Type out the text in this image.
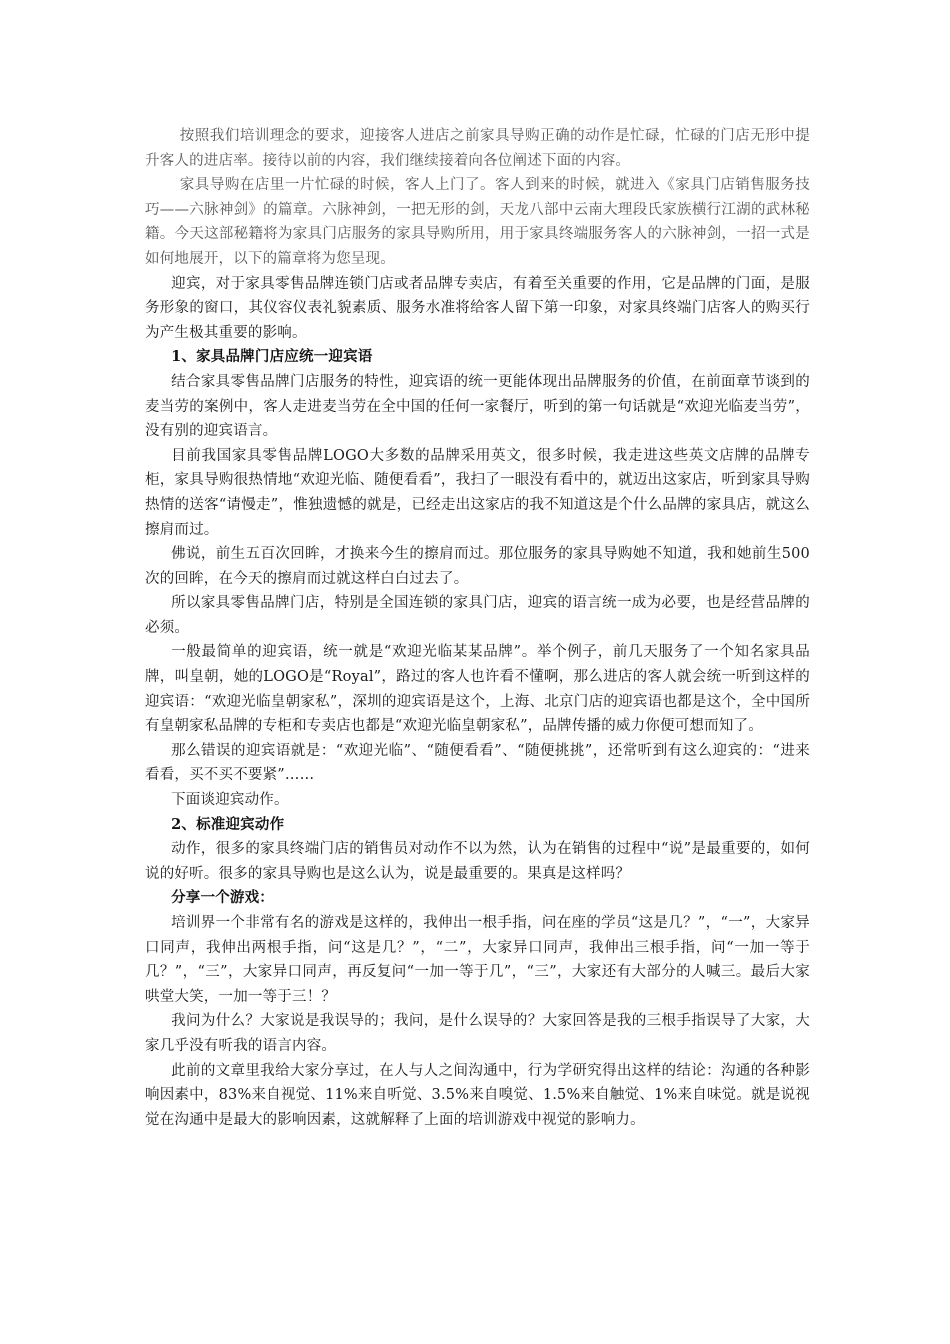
按照我们培训理念的要求，迎接客人进店之前家具导购正确的动作是忙碌，忙碌的门店无形中提升客人的进店率。接待以前的内容，我们继续接着向各位阐述下面的内容。

家具导购在店里一片忙碌的时候，客人上门了。客人到来的时候，就进入《家具门店销售服务技巧——六脉神剑》的篇章。六脉神剑，一把无形的剑，天龙八部中云南大理段氏家族横行江湖的武林秘籍。今天这部秘籍将为家具门店服务的家具导购所用，用于家具终端服务客人的六脉神剑，一招一式是如何地展开，以下的篇章将为您呈现。

迎宾，对于家具零售品牌连锁门店或者品牌专卖店，有着至关重要的作用，它是品牌的门面，是服务形象的窗口，其仪容仪表礼貌素质、服务水准将给客人留下第一印象，对家具终端门店客人的购买行为产生极其重要的影响。

1、家具品牌门店应统一迎宾语

结合家具零售品牌门店服务的特性，迎宾语的统一更能体现出品牌服务的价值，在前面章节谈到的麦当劳的案例中，客人走进麦当劳在全中国的任何一家餐厅，听到的第一句话就是“欢迎光临麦当劳”，没有别的迎宾语言。

目前我国家具零售品牌LOGO大多数的品牌采用英文，很多时候，我走进这些英文店牌的品牌专柜，家具导购很热情地“欢迎光临、随便看看”，我扫了一眼没有看中的，就迈出这家店，听到家具导购热情的送客“请慢走”，惟独遗憾的就是，已经走出这家店的我不知道这是个什么品牌的家具店，就这么擦肩而过。

佛说，前生五百次回眸，才换来今生的擦肩而过。那位服务的家具导购她不知道，我和她前生500次的回眸，在今天的擦肩而过就这样白白过去了。

所以家具零售品牌门店，特别是全国连锁的家具门店，迎宾的语言统一成为必要，也是经营品牌的必须。

一般最简单的迎宾语，统一就是“欢迎光临某某品牌”。举个例子，前几天服务了一个知名家具品牌，叫皇朝，她的LOGO是“Royal”，路过的客人也许看不懂啊，那么进店的客人就会统一听到这样的迎宾语：“欢迎光临皇朝家私”，深圳的迎宾语是这个，上海、北京门店的迎宾语也都是这个，全中国所有皇朝家私品牌的专柜和专卖店也都是“欢迎光临皇朝家私”，品牌传播的威力你便可想而知了。

那么错误的迎宾语就是：“欢迎光临”、“随便看看”、“随便挑挑”，还常听到有这么迎宾的：“进来看看，买不买不要紧”……

下面谈迎宾动作。

2、标准迎宾动作

动作，很多的家具终端门店的销售员对动作不以为然，认为在销售的过程中“说”是最重要的，如何说的好听。很多的家具导购也是这么认为，说是最重要的。果真是这样吗？

分享一个游戏：

培训界一个非常有名的游戏是这样的，我伸出一根手指，问在座的学员“这是几？”，“一”，大家异口同声，我伸出两根手指，问“这是几？”，“二”，大家异口同声，我伸出三根手指，问“一加一等于几？”，“三”，大家异口同声，再反复问“一加一等于几”，“三”，大家还有大部分的人喊三。最后大家哄堂大笑，一加一等于三！？

我问为什么？大家说是我误导的；我问，是什么误导的？大家回答是我的三根手指误导了大家，大家几乎没有听我的语言内容。

此前的文章里我给大家分享过，在人与人之间沟通中，行为学研究得出这样的结论：沟通的各种影响因素中，83%来自视觉、11%来自听觉、3.5%来自嗅觉、1.5%来自触觉、1%来自味觉。就是说视觉在沟通中是最大的影响因素，这就解释了上面的培训游戏中视觉的影响力。
